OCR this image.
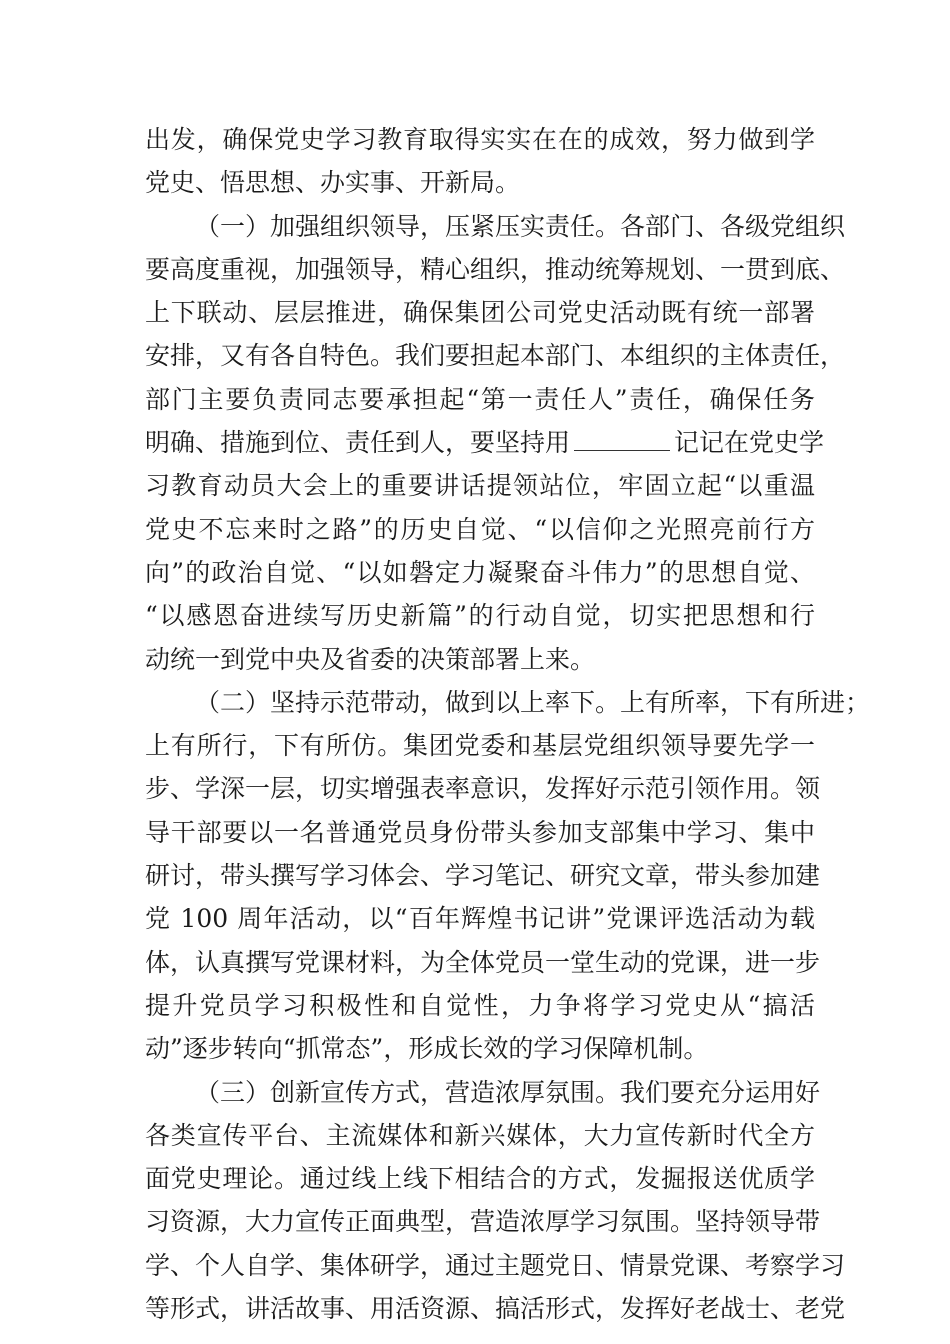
出发，确保党史学习教育取得实实在在的成效，努力做到学
党史、悟思想、办实事、开新局。
（一）加强组织领导，压紧压实责任。各部门、各级党组织
要高度重视，加强领导，精心组织，推动统筹规划、一贯到底、
上下联动、层层推进，确保集团公司党史活动既有统一部署
安排，又有各自特色。我们要担起本部门、本组织的主体责任，
部门主要负责同志要承担起“第一责任人”责任，确保任务
明确、措施到位、责任到人，要坚持用	记记在党史学
习教育动员大会上的重要讲话提领站位，牢固立起“以重温
党史不忘来时之路”的历史自觉、“以信仰之光照亮前行方
向”的政治自觉、“以如磐定力凝聚奋斗伟力”的思想自觉、
“以感恩奋进续写历史新篇”的行动自觉，切实把思想和行
动统一到党中央及省委的决策部署上来。
（二）坚持示范带动，做到以上率下。上有所率，下有所进；
上有所行，下有所仿。集团党委和基层党组织领导要先学一
步、学深一层，切实增强表率意识，发挥好示范引领作用。领
导干部要以一名普通党员身份带头参加支部集中学习、集中
研讨，带头撰写学习体会、学习笔记、研究文章，带头参加建
党 100 周年活动，以“百年辉煌书记讲”党课评选活动为载
体，认真撰写党课材料，为全体党员一堂生动的党课，进一步
提升党员学习积极性和自觉性，力争将学习党史从“搞活
动”逐步转向“抓常态”，形成长效的学习保障机制。
（三）创新宣传方式，营造浓厚氛围。我们要充分运用好
各类宣传平台、主流媒体和新兴媒体，大力宣传新时代全方
面党史理论。通过线上线下相结合的方式，发掘报送优质学
习资源，大力宣传正面典型，营造浓厚学习氛围。坚持领导带
学、个人自学、集体研学，通过主题党日、情景党课、考察学习
等形式，讲活故事、用活资源、搞活形式，发挥好老战士、老党
